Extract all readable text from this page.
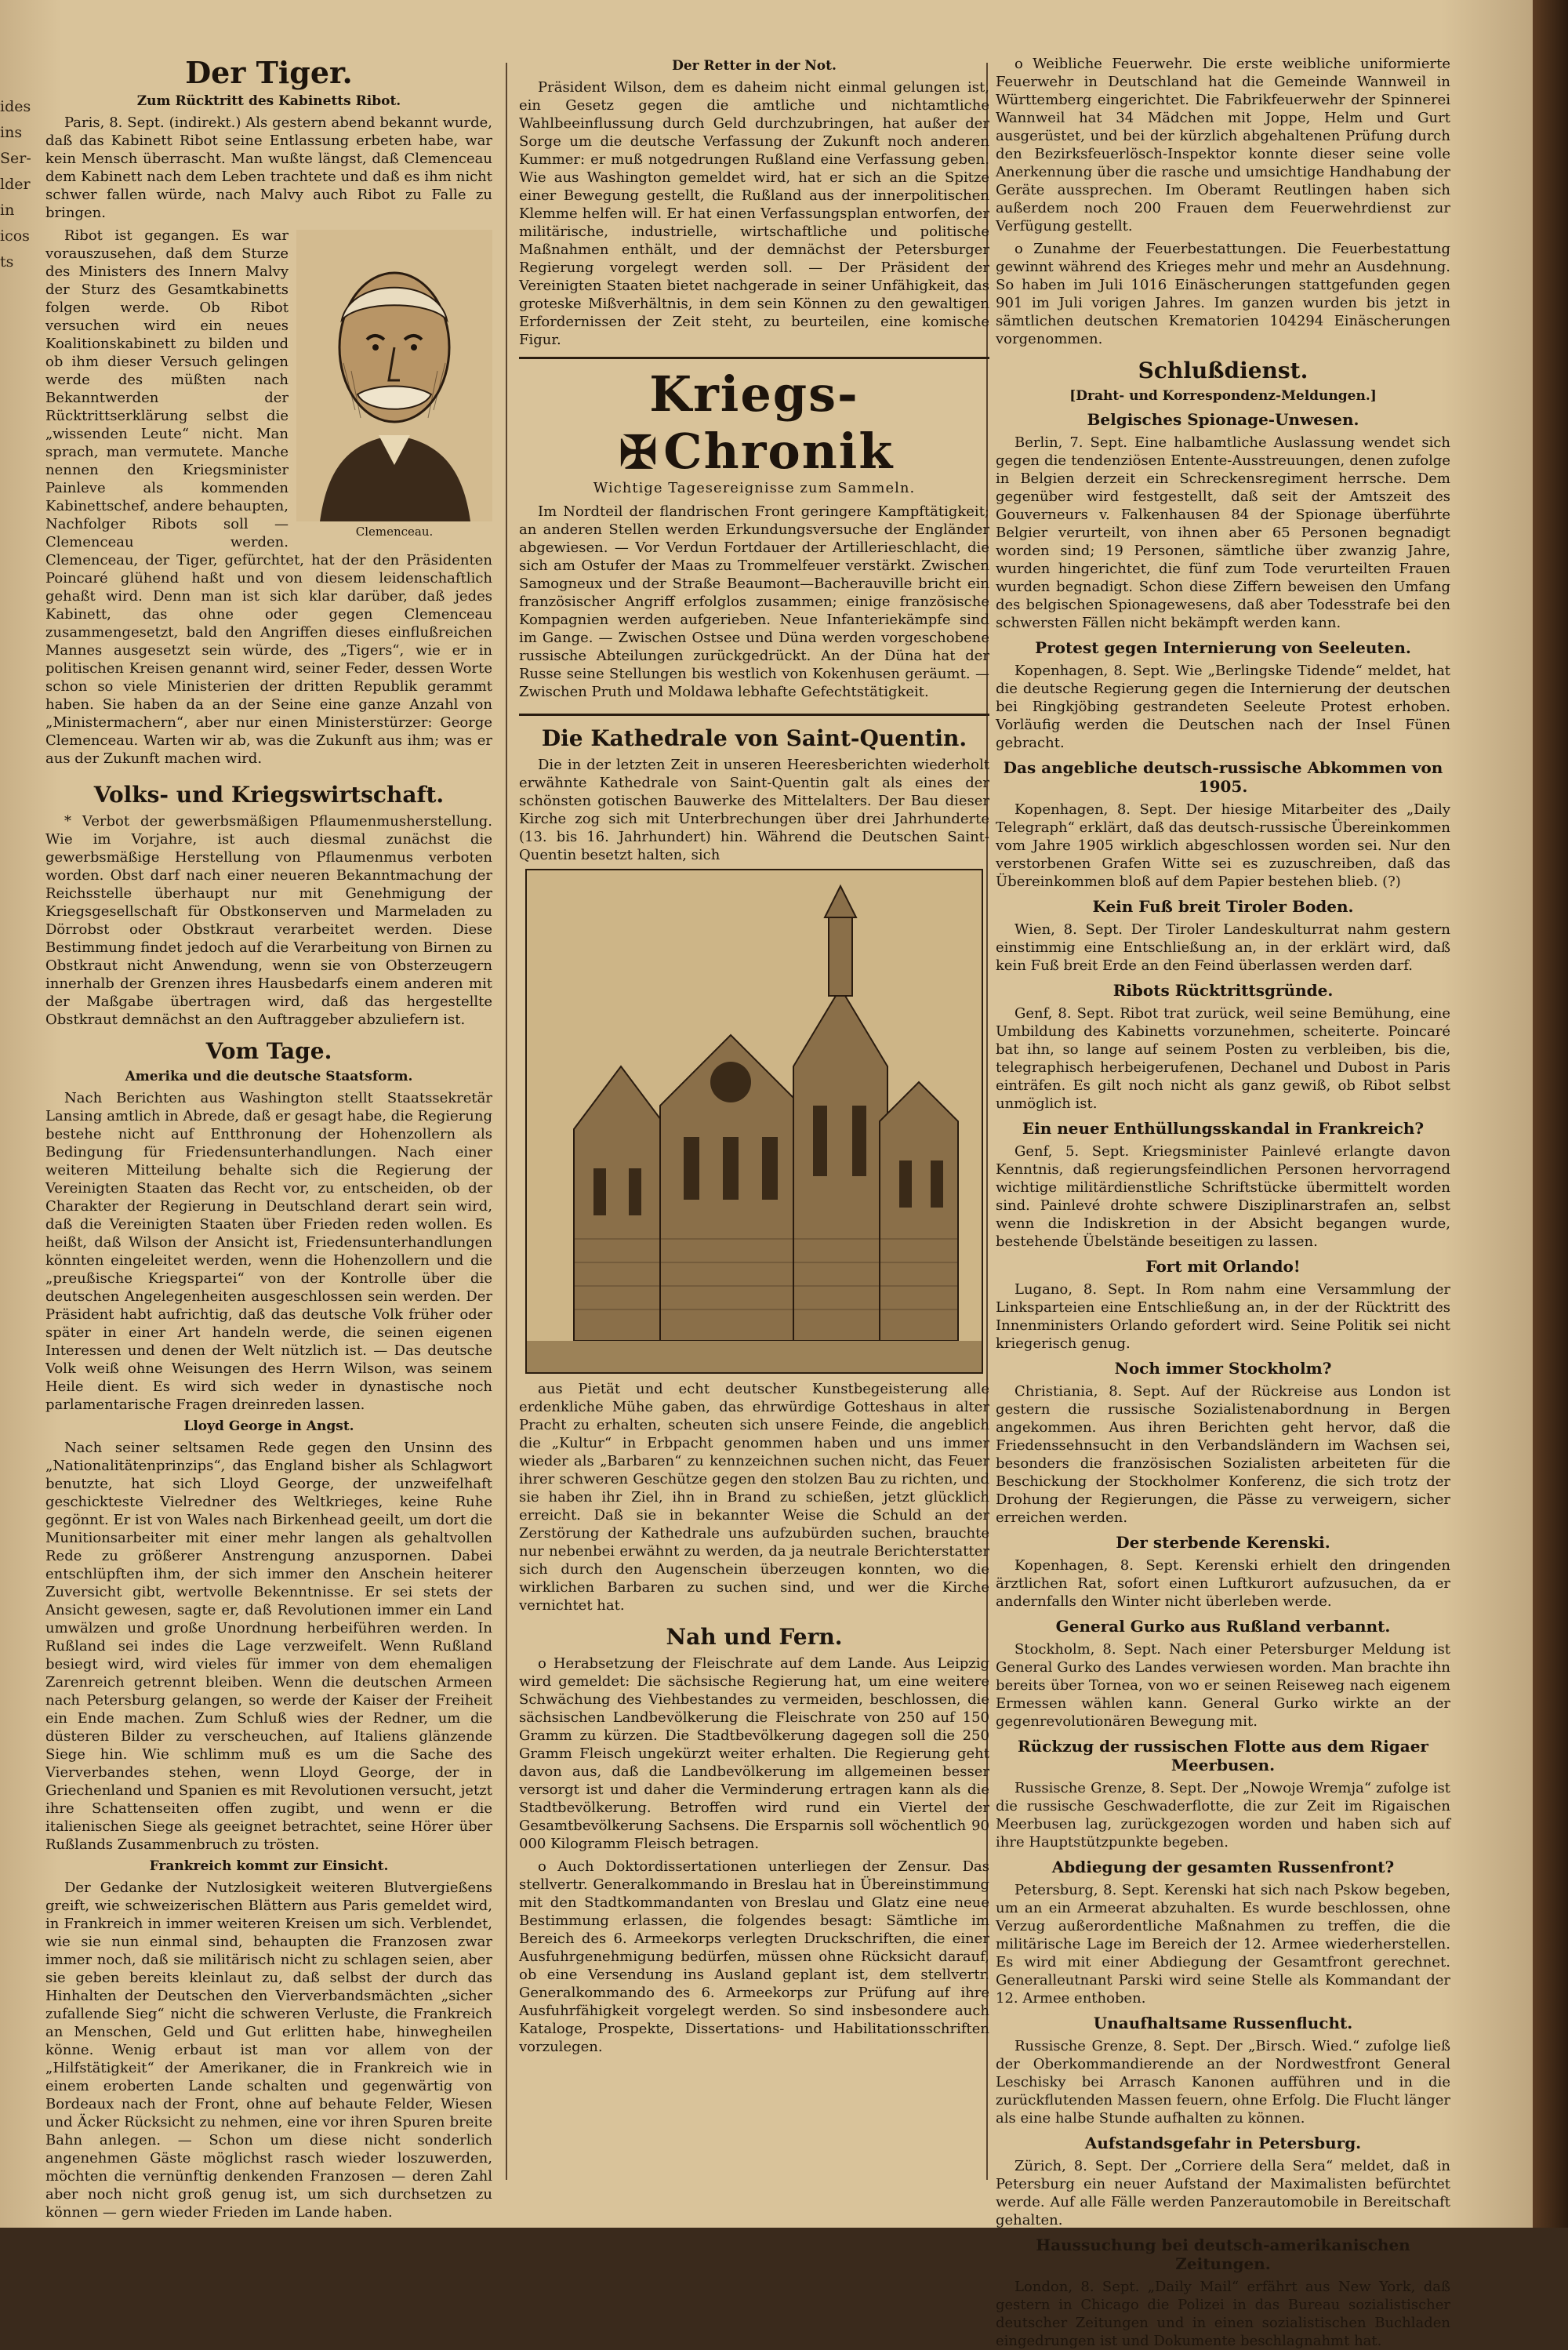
ides
ins
Ser-
lder
in
icos
ts
Der Tiger.
Zum Rücktritt des Kabinetts Ribot.

Paris, 8. Sept. (indirekt.) Als gestern abend bekannt wurde, daß das Kabinett Ribot seine Entlassung erbeten habe, war kein Mensch überrascht. Man wußte längst, daß Clemenceau dem Kabinett nach dem Leben trachtete und daß es ihm nicht schwer fallen würde, nach Malvy auch Ribot zu Falle zu bringen.

Clemenceau.

Ribot ist gegangen. Es war vorauszusehen, daß dem Sturze des Ministers des Innern Malvy der Sturz des Gesamtkabinetts folgen werde. Ob Ribot versuchen wird ein neues Koalitionskabinett zu bilden und ob ihm dieser Versuch gelingen werde des müßten nach Bekanntwerden der Rücktrittserklärung selbst die „wissenden Leute“ nicht. Man sprach, man vermutete. Manche nennen den Kriegsminister Painleve als kommenden Kabinettschef, andere behaupten, Nachfolger Ribots soll — Clemenceau werden. Clemenceau, der Tiger, gefürchtet, hat der den Präsidenten Poincaré glühend haßt und von diesem leidenschaftlich gehaßt wird. Denn man ist sich klar darüber, daß jedes Kabinett, das ohne oder gegen Clemenceau zusammengesetzt, bald den Angriffen dieses einflußreichen Mannes ausgesetzt sein würde, des „Tigers“, wie er in politischen Kreisen genannt wird, seiner Feder, dessen Worte schon so viele Ministerien der dritten Republik gerammt haben. Sie haben da an der Seine eine ganze Anzahl von „Ministermachern“, aber nur einen Ministerstürzer: George Clemenceau. Warten wir ab, was die Zukunft aus ihm; was er aus der Zukunft machen wird.

Volks- und Kriegswirtschaft.

* Verbot der gewerbsmäßigen Pflaumenmusherstellung. Wie im Vorjahre, ist auch diesmal zunächst die gewerbsmäßige Herstellung von Pflaumenmus verboten worden. Obst darf nach einer neueren Bekanntmachung der Reichsstelle überhaupt nur mit Genehmigung der Kriegsgesellschaft für Obstkonserven und Marmeladen zu Dörrobst oder Obstkraut verarbeitet werden. Diese Bestimmung findet jedoch auf die Verarbeitung von Birnen zu Obstkraut nicht Anwendung, wenn sie von Obsterzeugern innerhalb der Grenzen ihres Hausbedarfs einem anderen mit der Maßgabe übertragen wird, daß das hergestellte Obstkraut demnächst an den Auftraggeber abzuliefern ist.

Vom Tage.
Amerika und die deutsche Staatsform.

Nach Berichten aus Washington stellt Staatssekretär Lansing amtlich in Abrede, daß er gesagt habe, die Regierung bestehe nicht auf Entthronung der Hohenzollern als Bedingung für Friedensunterhandlungen. Nach einer weiteren Mitteilung behalte sich die Regierung der Vereinigten Staaten das Recht vor, zu entscheiden, ob der Charakter der Regierung in Deutschland derart sein wird, daß die Vereinigten Staaten über Frieden reden wollen. Es heißt, daß Wilson der Ansicht ist, Friedensunterhandlungen könnten eingeleitet werden, wenn die Hohenzollern und die „preußische Kriegspartei“ von der Kontrolle über die deutschen Angelegenheiten ausgeschlossen sein werden. Der Präsident habt aufrichtig, daß das deutsche Volk früher oder später in einer Art handeln werde, die seinen eigenen Interessen und denen der Welt nützlich ist. — Das deutsche Volk weiß ohne Weisungen des Herrn Wilson, was seinem Heile dient. Es wird sich weder in dynastische noch parlamentarische Fragen dreinreden lassen.

Lloyd George in Angst.

Nach seiner seltsamen Rede gegen den Unsinn des „Nationalitätenprinzips“, das England bisher als Schlagwort benutzte, hat sich Lloyd George, der unzweifelhaft geschickteste Vielredner des Weltkrieges, keine Ruhe gegönnt. Er ist von Wales nach Birkenhead geeilt, um dort die Munitionsarbeiter mit einer mehr langen als gehaltvollen Rede zu größerer Anstrengung anzuspornen. Dabei entschlüpften ihm, der sich immer den Anschein heiterer Zuversicht gibt, wertvolle Bekenntnisse. Er sei stets der Ansicht gewesen, sagte er, daß Revolutionen immer ein Land umwälzen und große Unordnung herbeiführen werden. In Rußland sei indes die Lage verzweifelt. Wenn Rußland besiegt wird, wird vieles für immer von dem ehemaligen Zarenreich getrennt bleiben. Wenn die deutschen Armeen nach Petersburg gelangen, so werde der Kaiser der Freiheit ein Ende machen. Zum Schluß wies der Redner, um die düsteren Bilder zu verscheuchen, auf Italiens glänzende Siege hin. Wie schlimm muß es um die Sache des Vierverbandes stehen, wenn Lloyd George, der in Griechenland und Spanien es mit Revolutionen versucht, jetzt ihre Schattenseiten offen zugibt, und wenn er die italienischen Siege als geeignet betrachtet, seine Hörer über Rußlands Zusammenbruch zu trösten.

Frankreich kommt zur Einsicht.

Der Gedanke der Nutzlosigkeit weiteren Blutvergießens greift, wie schweizerischen Blättern aus Paris gemeldet wird, in Frankreich in immer weiteren Kreisen um sich. Verblendet, wie sie nun einmal sind, behaupten die Franzosen zwar immer noch, daß sie militärisch nicht zu schlagen seien, aber sie geben bereits kleinlaut zu, daß selbst der durch das Hinhalten der Deutschen den Vierverbandsmächten „sicher zufallende Sieg“ nicht die schweren Verluste, die Frankreich an Menschen, Geld und Gut erlitten habe, hinwegheilen könne. Wenig erbaut ist man vor allem von der „Hilfstätigkeit“ der Amerikaner, die in Frankreich wie in einem eroberten Lande schalten und gegenwärtig von Bordeaux nach der Front, ohne auf behaute Felder, Wiesen und Äcker Rücksicht zu nehmen, eine vor ihren Spuren breite Bahn anlegen. — Schon um diese nicht sonderlich angenehmen Gäste möglichst rasch wieder loszuwerden, möchten die vernünftig denkenden Franzosen — deren Zahl aber noch nicht groß genug ist, um sich durchsetzen zu können — gern wieder Frieden im Lande haben.

Der Retter in der Not.

Präsident Wilson, dem es daheim nicht einmal gelungen ist, ein Gesetz gegen die amtliche und nichtamtliche Wahlbeeinflussung durch Geld durchzubringen, hat außer der Sorge um die deutsche Verfassung der Zukunft noch anderen Kummer: er muß notgedrungen Rußland eine Verfassung geben. Wie aus Washington gemeldet wird, hat er sich an die Spitze einer Bewegung gestellt, die Rußland aus der innerpolitischen Klemme helfen will. Er hat einen Verfassungsplan entworfen, der militärische, industrielle, wirtschaftliche und politische Maßnahmen enthält, und der demnächst der Petersburger Regierung vorgelegt werden soll. — Der Präsident der Vereinigten Staaten bietet nachgerade in seiner Unfähigkeit, das groteske Mißverhältnis, in dem sein Können zu den gewaltigen Erfordernissen der Zeit steht, zu beurteilen, eine komische Figur.

Kriegs-✠Chronik
Wichtige Tagesereignisse zum Sammeln.

Im Nordteil der flandrischen Front geringere Kampftätigkeit; an anderen Stellen werden Erkundungsversuche der Engländer abgewiesen. — Vor Verdun Fortdauer der Artillerieschlacht, die sich am Ostufer der Maas zu Trommelfeuer verstärkt. Zwischen Samogneux und der Straße Beaumont—Bacherauville bricht ein französischer Angriff erfolglos zusammen; einige französische Kompagnien werden aufgerieben. Neue Infanteriekämpfe sind im Gange. — Zwischen Ostsee und Düna werden vorgeschobene russische Abteilungen zurückgedrückt. An der Düna hat der Russe seine Stellungen bis westlich von Kokenhusen geräumt. — Zwischen Pruth und Moldawa lebhafte Gefechtstätigkeit.

Die Kathedrale von Saint-Quentin.

Die in der letzten Zeit in unseren Heeresberichten wiederholt erwähnte Kathedrale von Saint-Quentin galt als eines der schönsten gotischen Bauwerke des Mittelalters. Der Bau dieser Kirche zog sich mit Unterbrechungen über drei Jahrhunderte (13. bis 16. Jahrhundert) hin. Während die Deutschen Saint-Quentin besetzt halten, sich

aus Pietät und echt deutscher Kunstbegeisterung alle erdenkliche Mühe gaben, das ehrwürdige Gotteshaus in alter Pracht zu erhalten, scheuten sich unsere Feinde, die angeblich die „Kultur“ in Erbpacht genommen haben und uns immer wieder als „Barbaren“ zu kennzeichnen suchen nicht, das Feuer ihrer schweren Geschütze gegen den stolzen Bau zu richten, und sie haben ihr Ziel, ihn in Brand zu schießen, jetzt glücklich erreicht. Daß sie in bekannter Weise die Schuld an der Zerstörung der Kathedrale uns aufzubürden suchen, brauchte nur nebenbei erwähnt zu werden, da ja neutrale Berichterstatter sich durch den Augenschein überzeugen konnten, wo die wirklichen Barbaren zu suchen sind, und wer die Kirche vernichtet hat.

Nah und Fern.

o Herabsetzung der Fleischrate auf dem Lande. Aus Leipzig wird gemeldet: Die sächsische Regierung hat, um eine weitere Schwächung des Viehbestandes zu vermeiden, beschlossen, die sächsischen Landbevölkerung die Fleischrate von 250 auf 150 Gramm zu kürzen. Die Stadtbevölkerung dagegen soll die 250 Gramm Fleisch ungekürzt weiter erhalten. Die Regierung geht davon aus, daß die Landbevölkerung im allgemeinen besser versorgt ist und daher die Verminderung ertragen kann als die Stadtbevölkerung. Betroffen wird rund ein Viertel der Gesamtbevölkerung Sachsens. Die Ersparnis soll wöchentlich 90 000 Kilogramm Fleisch betragen.

o Auch Doktordissertationen unterliegen der Zensur. Das stellvertr. Generalkommando in Breslau hat in Übereinstimmung mit den Stadtkommandanten von Breslau und Glatz eine neue Bestimmung erlassen, die folgendes besagt: Sämtliche im Bereich des 6. Armeekorps verlegten Druckschriften, die einer Ausfuhrgenehmigung bedürfen, müssen ohne Rücksicht darauf, ob eine Versendung ins Ausland geplant ist, dem stellvertr. Generalkommando des 6. Armeekorps zur Prüfung auf ihre Ausfuhrfähigkeit vorgelegt werden. So sind insbesondere auch Kataloge, Prospekte, Dissertations- und Habilitationsschriften vorzulegen.

o Weibliche Feuerwehr. Die erste weibliche uniformierte Feuerwehr in Deutschland hat die Gemeinde Wannweil in Württemberg eingerichtet. Die Fabrikfeuerwehr der Spinnerei Wannweil hat 34 Mädchen mit Joppe, Helm und Gurt ausgerüstet, und bei der kürzlich abgehaltenen Prüfung durch den Bezirksfeuerlösch-Inspektor konnte dieser seine volle Anerkennung über die rasche und umsichtige Handhabung der Geräte aussprechen. Im Oberamt Reutlingen haben sich außerdem noch 200 Frauen dem Feuerwehrdienst zur Verfügung gestellt.

o Zunahme der Feuerbestattungen. Die Feuerbestattung gewinnt während des Krieges mehr und mehr an Ausdehnung. So haben im Juli 1016 Einäscherungen stattgefunden gegen 901 im Juli vorigen Jahres. Im ganzen wurden bis jetzt in sämtlichen deutschen Krematorien 104294 Einäscherungen vorgenommen.

Schlußdienst.
[Draht- und Korrespondenz-Meldungen.]
Belgisches Spionage-Unwesen.

Berlin, 7. Sept. Eine halbamtliche Auslassung wendet sich gegen die tendenziösen Entente-Ausstreuungen, denen zufolge in Belgien derzeit ein Schreckensregiment herrsche. Dem gegenüber wird festgestellt, daß seit der Amtszeit des Gouverneurs v. Falkenhausen 84 der Spionage überführte Belgier verurteilt, von ihnen aber 65 Personen begnadigt worden sind; 19 Personen, sämtliche über zwanzig Jahre, wurden hingerichtet, die fünf zum Tode verurteilten Frauen wurden begnadigt. Schon diese Ziffern beweisen den Umfang des belgischen Spionagewesens, daß aber Todesstrafe bei den schwersten Fällen nicht bekämpft werden kann.

Protest gegen Internierung von Seeleuten.

Kopenhagen, 8. Sept. Wie „Berlingske Tidende“ meldet, hat die deutsche Regierung gegen die Internierung der deutschen bei Ringkjöbing gestrandeten Seeleute Protest erhoben. Vorläufig werden die Deutschen nach der Insel Fünen gebracht.

Das angebliche deutsch-russische Abkommen von 1905.

Kopenhagen, 8. Sept. Der hiesige Mitarbeiter des „Daily Telegraph“ erklärt, daß das deutsch-russische Übereinkommen vom Jahre 1905 wirklich abgeschlossen worden sei. Nur den verstorbenen Grafen Witte sei es zuzuschreiben, daß das Übereinkommen bloß auf dem Papier bestehen blieb. (?)

Kein Fuß breit Tiroler Boden.

Wien, 8. Sept. Der Tiroler Landeskulturrat nahm gestern einstimmig eine Entschließung an, in der erklärt wird, daß kein Fuß breit Erde an den Feind überlassen werden darf.

Ribots Rücktrittsgründe.

Genf, 8. Sept. Ribot trat zurück, weil seine Bemühung, eine Umbildung des Kabinetts vorzunehmen, scheiterte. Poincaré bat ihn, so lange auf seinem Posten zu verbleiben, bis die, telegraphisch herbeigerufenen, Dechanel und Dubost in Paris einträfen. Es gilt noch nicht als ganz gewiß, ob Ribot selbst unmöglich ist.

Ein neuer Enthüllungsskandal in Frankreich?

Genf, 5. Sept. Kriegsminister Painlevé erlangte davon Kenntnis, daß regierungsfeindlichen Personen hervorragend wichtige militärdienstliche Schriftstücke übermittelt worden sind. Painlevé drohte schwere Disziplinarstrafen an, selbst wenn die Indiskretion in der Absicht begangen wurde, bestehende Übelstände beseitigen zu lassen.

Fort mit Orlando!

Lugano, 8. Sept. In Rom nahm eine Versammlung der Linksparteien eine Entschließung an, in der der Rücktritt des Innenministers Orlando gefordert wird. Seine Politik sei nicht kriegerisch genug.

Noch immer Stockholm?

Christiania, 8. Sept. Auf der Rückreise aus London ist gestern die russische Sozialistenabordnung in Bergen angekommen. Aus ihren Berichten geht hervor, daß die Friedenssehnsucht in den Verbandsländern im Wachsen sei, besonders die französischen Sozialisten arbeiteten für die Beschickung der Stockholmer Konferenz, die sich trotz der Drohung der Regierungen, die Pässe zu verweigern, sicher erreichen werden.

Der sterbende Kerenski.

Kopenhagen, 8. Sept. Kerenski erhielt den dringenden ärztlichen Rat, sofort einen Luftkurort aufzusuchen, da er andernfalls den Winter nicht überleben werde.

General Gurko aus Rußland verbannt.

Stockholm, 8. Sept. Nach einer Petersburger Meldung ist General Gurko des Landes verwiesen worden. Man brachte ihn bereits über Tornea, von wo er seinen Reiseweg nach eigenem Ermessen wählen kann. General Gurko wirkte an der gegenrevolutionären Bewegung mit.

Rückzug der russischen Flotte aus dem Rigaer Meerbusen.

Russische Grenze, 8. Sept. Der „Nowoje Wremja“ zufolge ist die russische Geschwaderflotte, die zur Zeit im Rigaischen Meerbusen lag, zurückgezogen worden und haben sich auf ihre Hauptstützpunkte begeben.

Abdiegung der gesamten Russenfront?

Petersburg, 8. Sept. Kerenski hat sich nach Pskow begeben, um an ein Armeerat abzuhalten. Es wurde beschlossen, ohne Verzug außerordentliche Maßnahmen zu treffen, die die militärische Lage im Bereich der 12. Armee wiederherstellen. Es wird mit einer Abdiegung der Gesamtfront gerechnet. Generalleutnant Parski wird seine Stelle als Kommandant der 12. Armee enthoben.

Unaufhaltsame Russenflucht.

Russische Grenze, 8. Sept. Der „Birsch. Wied.“ zufolge ließ der Oberkommandierende an der Nordwestfront General Leschisky bei Arrasch Kanonen aufführen und in die zurückflutenden Massen feuern, ohne Erfolg. Die Flucht länger als eine halbe Stunde aufhalten zu können.

Aufstandsgefahr in Petersburg.

Zürich, 8. Sept. Der „Corriere della Sera“ meldet, daß in Petersburg ein neuer Aufstand der Maximalisten befürchtet werde. Auf alle Fälle werden Panzerautomobile in Bereitschaft gehalten.

Haussuchung bei deutsch-amerikanischen Zeitungen.

London, 8. Sept. „Daily Mail“ erfährt aus New York, daß gestern in Chicago die Polizei in das Bureau sozialistischer deutscher Zeitungen und in einen sozialistischen Buchladen eingedrungen ist und Dokumente beschlagnahmt hat.
